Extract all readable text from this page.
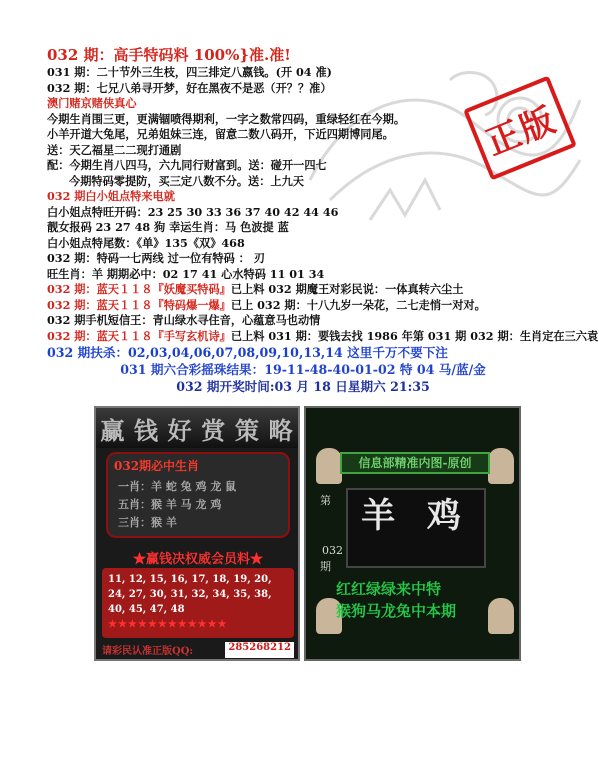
正版
032 期：高手特码料 100%}准.准!
031 期：二十节外三生枝，四三排定八嬴钱。(开 04 准)
032 期：七兄八弟寻开梦，好在黑夜不是恶（开？？准）
澳门赌京赌侠真心
今期生肖围三更，更满锢喷得期利，一字之数常四码，重绿轻红在今期。
小羊开道大兔尾，兄弟姐妹三连，留意二数八码开，下近四期博同尾。
送：天乙福星二二现打通剧
配：今期生肖八四马，六九同行财富到。送：碰开一四七
今期特码零提防，买三定八数不分。送：上九天
032 期白小姐点特来电就
白小姐点特旺开码：23 25 30 33 36 37 40 42 44 46
靓女报码 23 27 48 狗 幸运生肖：马 色波提 蓝
白小姐点特尾数：《单》135《双》468
032 期：特码一七两线 过一位有特码 ： 刃
旺生肖：羊 期期必中：02 17 41 心水特码 11 01 34
032 期：蓝天１１８『妖魔买特码』已上料 032 期魔王对彩民说：一体真转六尘土
032 期：蓝天１１８『特码爆一爆』已上 032 期：十八九岁一朵花，二七走悄一对对。
032 期手机短信王：青山绿水寻住音，心蕴意马也动情
032 期：蓝天１１８『手写玄机诗』已上料 031 期：要钱去找 1986 年第 031 期 032 期：生肖定在三六袁
032 期扶杀：02,03,04,06,07,08,09,10,13,14 这里千万不要下注
031 期六合彩摇珠结果：19-11-48-40-01-02 特 04 马/蓝/金
032 期开奖时间:03 月 18 日星期六 21:35
赢 钱 好 赏 策 略
032期必中生肖
一肖：羊 蛇 兔 鸡 龙 鼠
五肖：猴 羊 马 龙 鸡
三肖：猴 羊
★赢钱决权威会员料★
11, 12, 15, 16, 17, 18, 19, 20, 24, 27, 30, 31, 32, 34, 35, 38, 40, 45, 47, 48
★★★★★★★★★★★★
请彩民认准正版QQ:	285268212
信息部精准内图-原创
羊 鸡
032
第
期
红红绿绿来中特
猴狗马龙兔中本期
